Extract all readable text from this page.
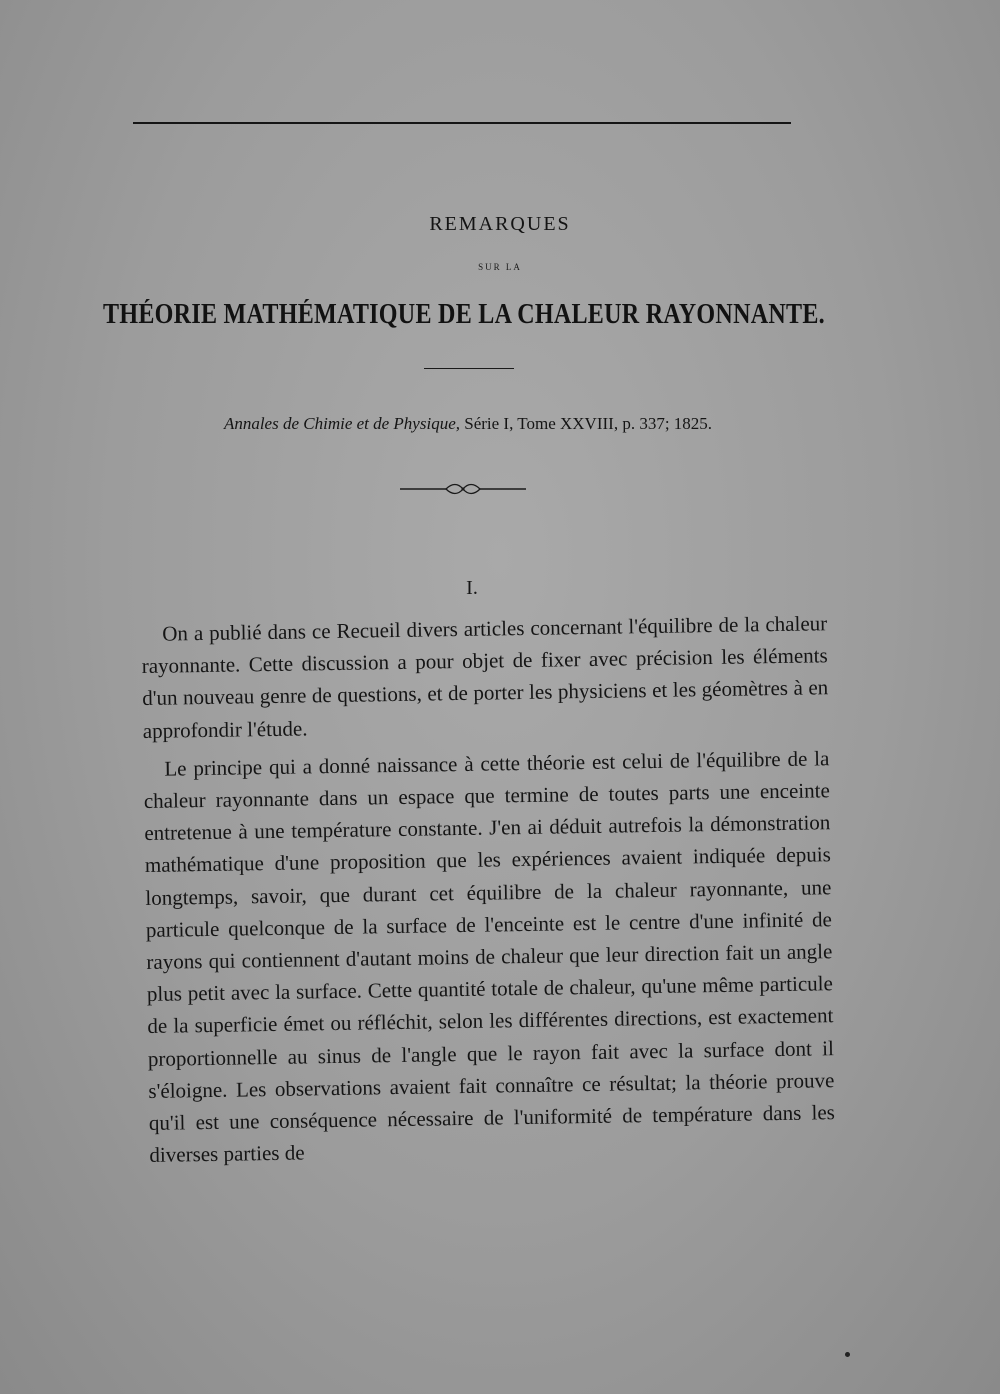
REMARQUES
SUR LA
THÉORIE MATHÉMATIQUE DE LA CHALEUR RAYONNANTE.
Annales de Chimie et de Physique, Série I, Tome XXVIII, p. 337; 1825.
I.

On a publié dans ce Recueil divers articles concernant l'équilibre de la chaleur rayonnante. Cette discussion a pour objet de fixer avec précision les éléments d'un nouveau genre de questions, et de porter les physiciens et les géomètres à en approfondir l'étude.

Le principe qui a donné naissance à cette théorie est celui de l'équilibre de la chaleur rayonnante dans un espace que termine de toutes parts une enceinte entretenue à une température constante. J'en ai déduit autrefois la démonstration mathématique d'une proposition que les expériences avaient indiquée depuis longtemps, savoir, que durant cet équilibre de la chaleur rayonnante, une particule quelconque de la surface de l'enceinte est le centre d'une infinité de rayons qui contiennent d'autant moins de chaleur que leur direction fait un angle plus petit avec la surface. Cette quantité totale de chaleur, qu'une même particule de la superficie émet ou réfléchit, selon les différentes directions, est exactement proportionnelle au sinus de l'angle que le rayon fait avec la surface dont il s'éloigne. Les observations avaient fait connaître ce résultat; la théorie prouve qu'il est une conséquence nécessaire de l'uniformité de température dans les diverses parties de
